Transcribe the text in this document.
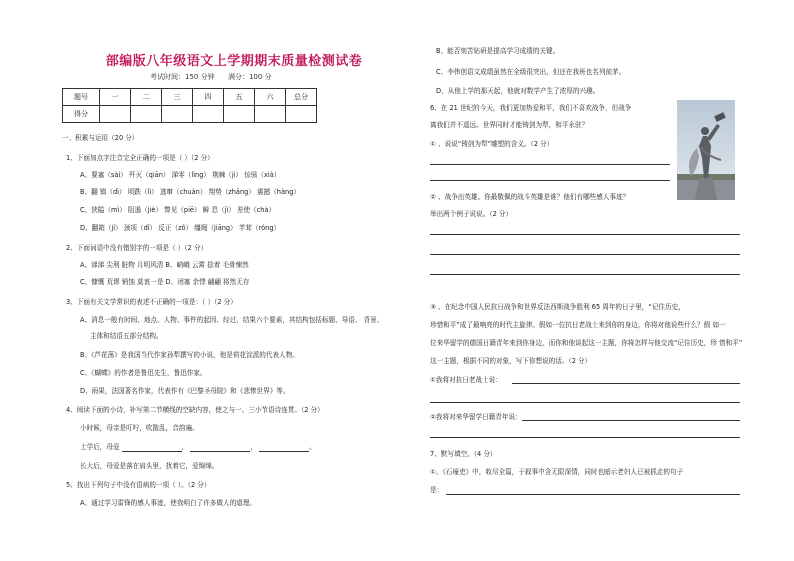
部编版八年级语文上学期期末质量检测试卷
考试时间：150 分钟 满分：100 分
题号	一	二	三	四	五	六	总分
得分							
一、积累与运用（20 分）
1、下面加点字注音完全正确的一项是（ ）（2 分）
A、要塞（sài） 歼灭（qiān） 涕零（lìng） 荆棘（jì） 惊骇（xià）
B、翻 镇（dì） 顷跌（lì） 逃窜（chuàn） 翔势（zhǎng） 震撼（hàng）
C、狭隘（mì） 阻遏（jiè） 瞥见（piē） 瞬 息（jì） 差使（chà）
D、翻箱（jí） 颈项（dǐ） 反正（zǒ） 缰绳（jiāng） 芊茸（róng）
2、下面词语中没有错别字的一项是（ ）（2 分）
A、涕涕 尖利 脏物 月明风清 B、峭峨 云霄 捻着 毛骨悚然
C、慷慨 荒谬 销蚀 莫衷一是 D、闭塞 余悸 翩翩 将然无存
3、下面有关文学常识的表述不正确的一项是：（ ）（2 分）
A、消息一般有时间、地点、人物、事件的起因、经过、结果六个要素，其结构包括标题、导语、 背景、
主体和结语五部分结构。
B、《芦花荡》是我国当代作家孙犁撰写的小说，他是荷花淀派的代表人物。
C、《蝴蝶》的作者是鲁迅先生，鲁迅作家。
D、雨果，法国著名作家，代表作有《巴黎圣母院》和《悲惨世界》等。
4、阅读下面的小诗，补写第二节横线的空缺内容，使之与一、三小节语诗连贯。（2 分）
小时候，母亲是叮咛，吹散乱，音韵遍。
上学后，母爱	，	，	。
长大后，母爱是落在肩头里，扰着它，爱绵绵。
5、找出下列句子中没有语病的一项（ ）。（2 分）
A、通过学习雷锋的感人事迹，使我明白了许多做人的道理。
B、能否刻苦钻研是提高学习成绩的关键。
C、李伟创语文成绩虽然在全级很突出，但还在我班也名列前茅。
D、从他上学的那天起，他就对数学产生了浓厚的兴趣。
6、在 21 世纪的今天，我们更加热爱和平，我们不喜欢战争，但战争
离我们并不遥远。世界同时才能铸剑为犁，和平永驻？
① 、说说“铸剑为犁”雕塑的含义。（2 分）
② 、战争出英雄。你最敬佩的战斗英雄是谁？他们有哪些感人事迹？
举出两个例子说说。（2 分）
③ 、在纪念中国人民抗日战争和世界反法西斯战争胜利 65 周年的日子里，“记住历史，
珍惜和平”成了最响亮的时代主旋律。假如一位抗日老战士来到你的身边，你将对他说些什么？假 如一
位来华留学的德国日籍青年来到你身边，而你和他谈起这一主题，你将怎样与他交流“记住历史，珍 惜和平”
这一主题，根据不同的对象，写下你想说的话。（2 分）
①我将对抗日老战士说：
②我将对来华留学日籍青年说：
7、默写填空。（4 分）
①、《石壕吏》中，收尽全篇，于叙事中含无限深情，同时也暗示老妇人已被抓走的句子
是：
